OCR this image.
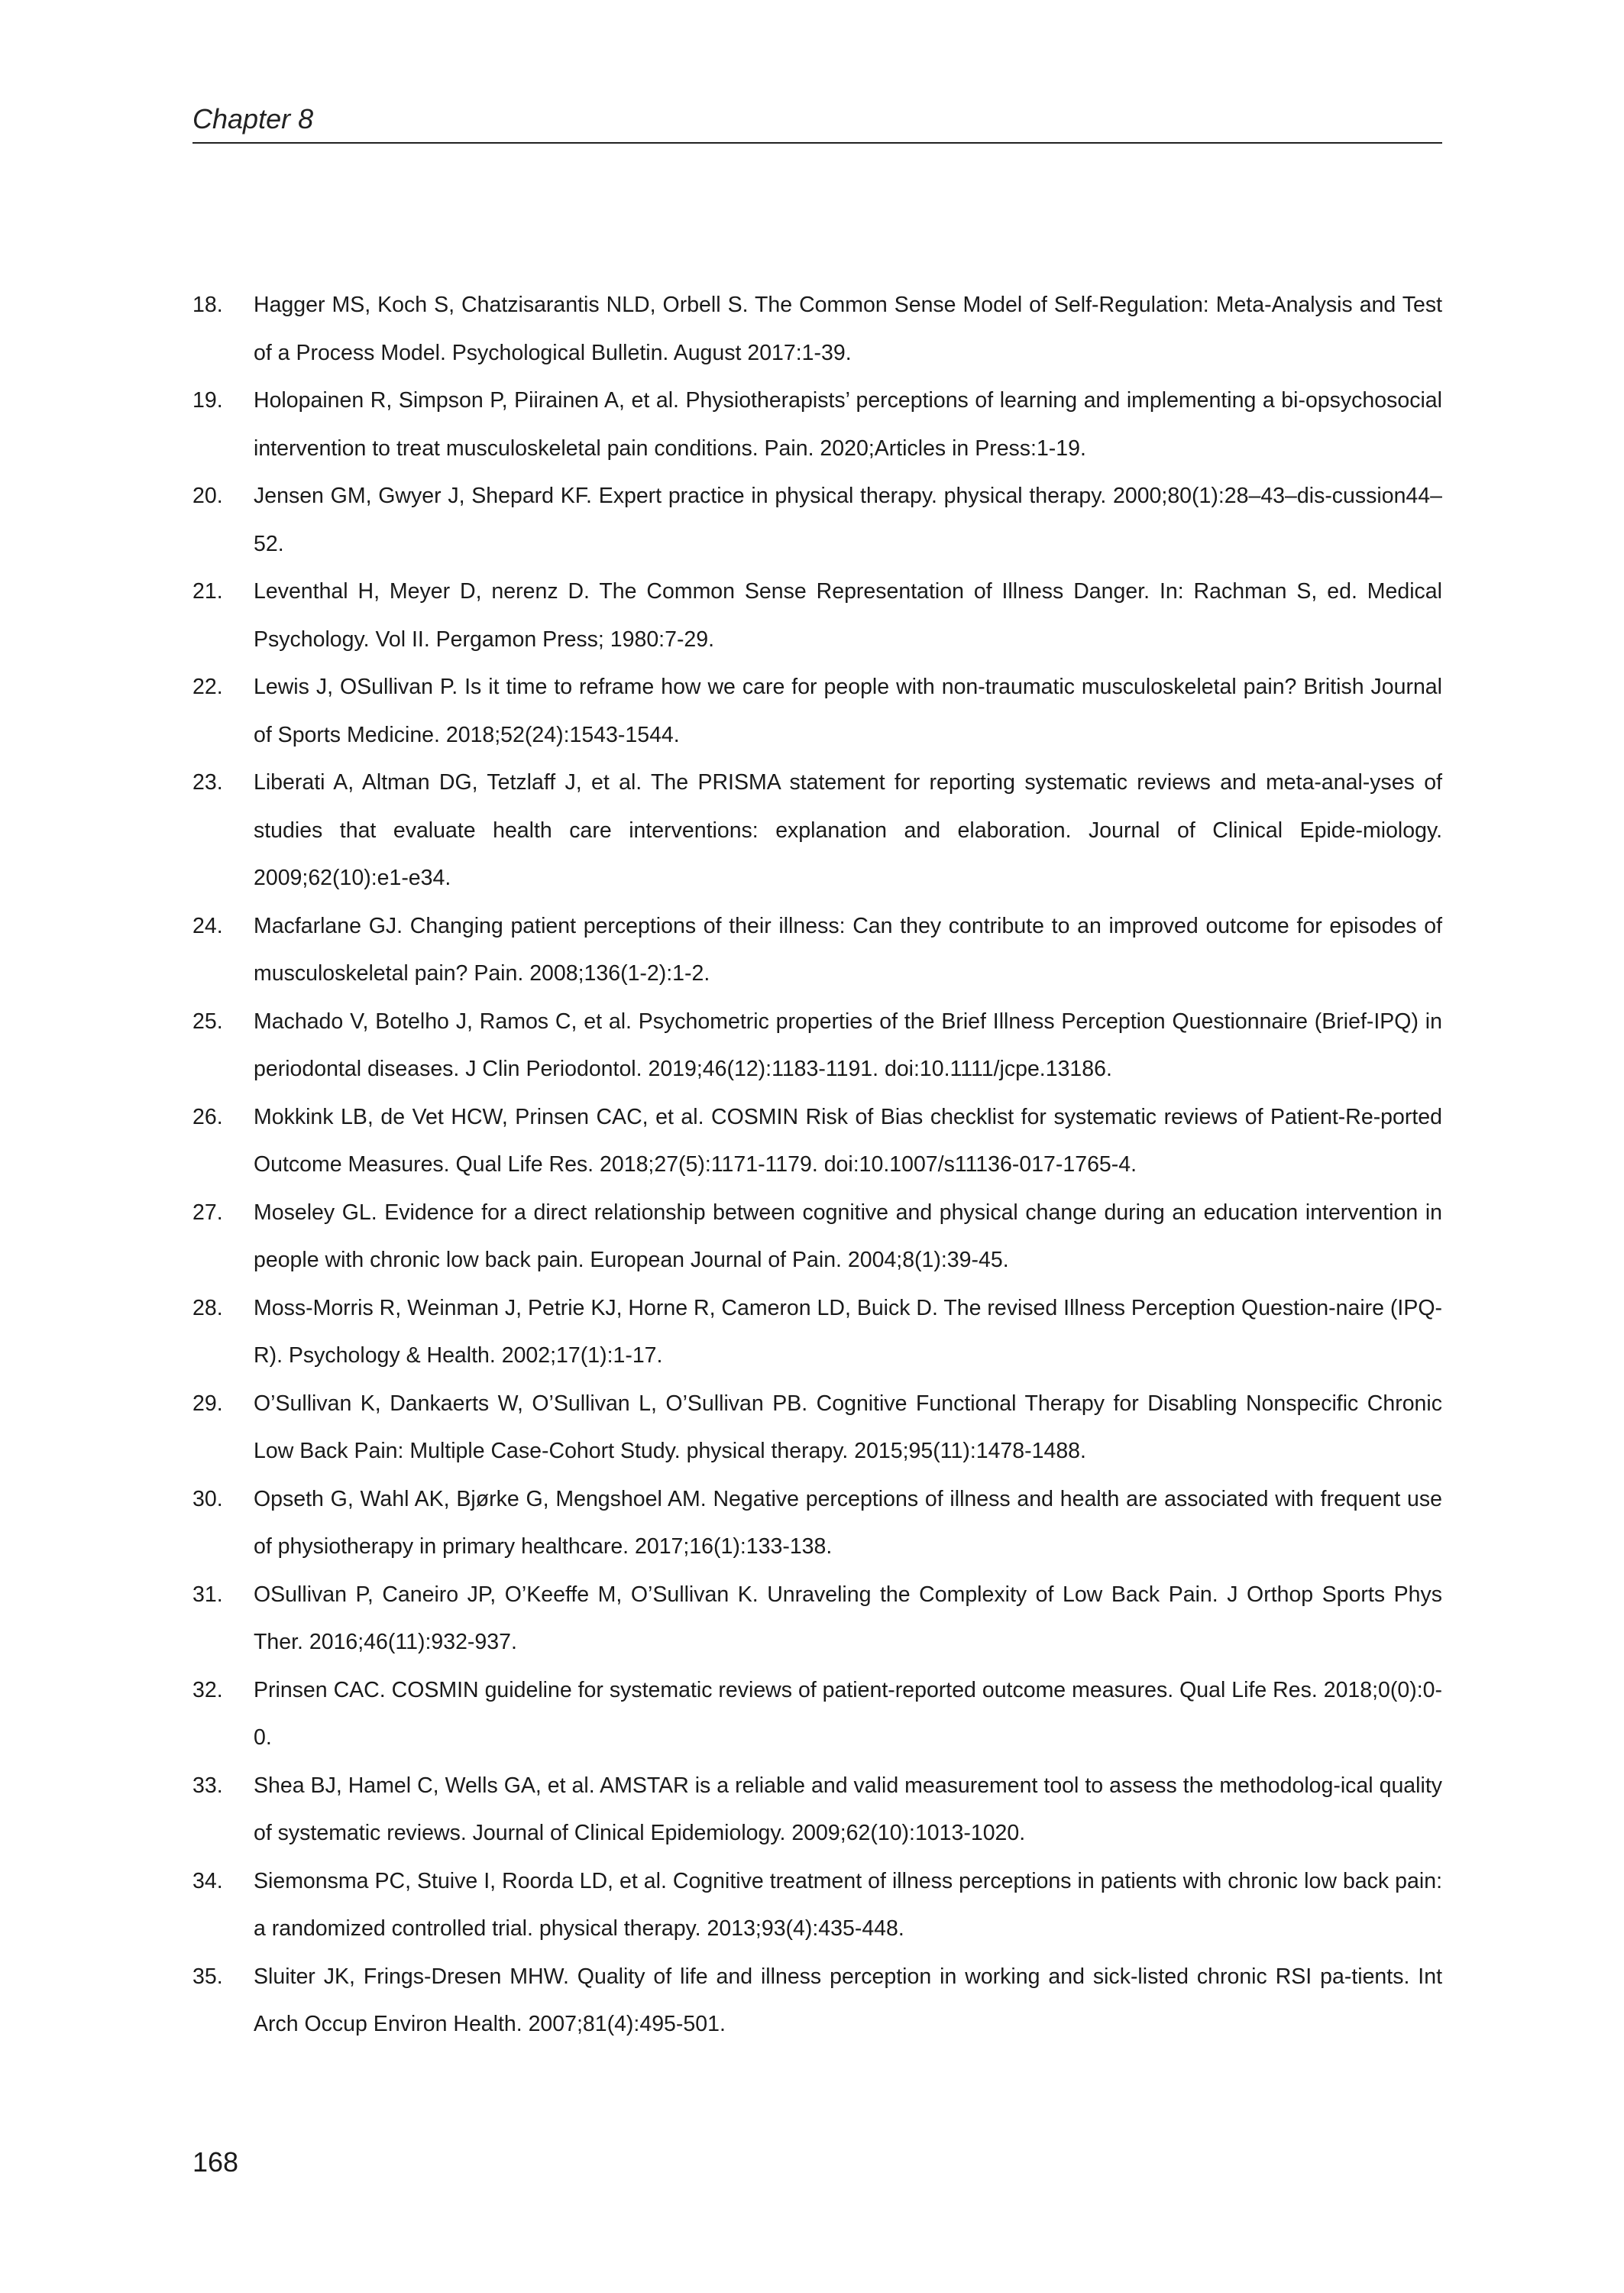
Chapter 8
18.	Hagger MS, Koch S, Chatzisarantis NLD, Orbell S. The Common Sense Model of Self-Regulation: Meta-Analysis and Test of a Process Model. Psychological Bulletin. August 2017:1-39.
19.	Holopainen R, Simpson P, Piirainen A, et al. Physiotherapists’ perceptions of learning and implementing a bi-opsychosocial intervention to treat musculoskeletal pain conditions. Pain. 2020;Articles in Press:1-19.
20.	Jensen GM, Gwyer J, Shepard KF. Expert practice in physical therapy. physical therapy. 2000;80(1):28–43–dis-cussion44–52.
21.	Leventhal H, Meyer D, nerenz D. The Common Sense Representation of Illness Danger. In: Rachman S, ed. Medical Psychology. Vol II. Pergamon Press; 1980:7-29.
22.	Lewis J, OSullivan P. Is it time to reframe how we care for people with non-traumatic musculoskeletal pain? British Journal of Sports Medicine. 2018;52(24):1543-1544.
23.	Liberati A, Altman DG, Tetzlaff J, et al. The PRISMA statement for reporting systematic reviews and meta-anal-yses of studies that evaluate health care interventions: explanation and elaboration. Journal of Clinical Epide-miology. 2009;62(10):e1-e34.
24.	Macfarlane GJ. Changing patient perceptions of their illness: Can they contribute to an improved outcome for episodes of musculoskeletal pain? Pain. 2008;136(1-2):1-2.
25.	Machado V, Botelho J, Ramos C, et al. Psychometric properties of the Brief Illness Perception Questionnaire (Brief-IPQ) in periodontal diseases. J Clin Periodontol. 2019;46(12):1183-1191. doi:10.1111/jcpe.13186.
26.	Mokkink LB, de Vet HCW, Prinsen CAC, et al. COSMIN Risk of Bias checklist for systematic reviews of Patient-Re-ported Outcome Measures. Qual Life Res. 2018;27(5):1171-1179. doi:10.1007/s11136-017-1765-4.
27.	Moseley GL. Evidence for a direct relationship between cognitive and physical change during an education intervention in people with chronic low back pain. European Journal of Pain. 2004;8(1):39-45.
28.	Moss-Morris R, Weinman J, Petrie KJ, Horne R, Cameron LD, Buick D. The revised Illness Perception Question-naire (IPQ-R). Psychology & Health. 2002;17(1):1-17.
29.	O’Sullivan K, Dankaerts W, O’Sullivan L, O’Sullivan PB. Cognitive Functional Therapy for Disabling Nonspecific Chronic Low Back Pain: Multiple Case-Cohort Study. physical therapy. 2015;95(11):1478-1488.
30.	Opseth G, Wahl AK, Bjørke G, Mengshoel AM. Negative perceptions of illness and health are associated with frequent use of physiotherapy in primary healthcare. 2017;16(1):133-138.
31.	OSullivan P, Caneiro JP, O’Keeffe M, O’Sullivan K. Unraveling the Complexity of Low Back Pain. J Orthop Sports Phys Ther. 2016;46(11):932-937.
32.	Prinsen CAC. COSMIN guideline for systematic reviews of patient-reported outcome measures. Qual Life Res. 2018;0(0):0-0.
33.	Shea BJ, Hamel C, Wells GA, et al. AMSTAR is a reliable and valid measurement tool to assess the methodolog-ical quality of systematic reviews. Journal of Clinical Epidemiology. 2009;62(10):1013-1020.
34.	Siemonsma PC, Stuive I, Roorda LD, et al. Cognitive treatment of illness perceptions in patients with chronic low back pain: a randomized controlled trial. physical therapy. 2013;93(4):435-448.
35.	Sluiter JK, Frings-Dresen MHW. Quality of life and illness perception in working and sick-listed chronic RSI pa-tients. Int Arch Occup Environ Health. 2007;81(4):495-501.
168
